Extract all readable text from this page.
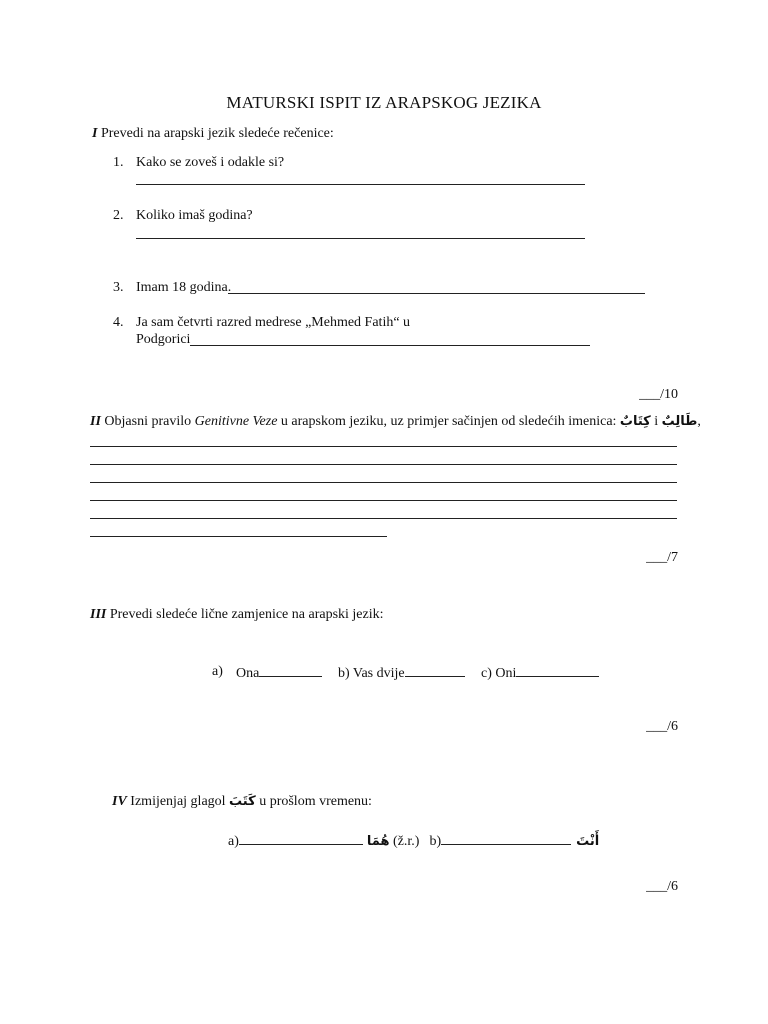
MATURSKI ISPIT IZ ARAPSKOG JEZIKA
I Prevedi na arapski jezik sledeće rečenice:
1. Kako se zoveš i odakle si?
2. Koliko imaš godina?
3. Imam 18 godina.
4. Ja sam četvrti razred medrese „Mehmed Fatih“ u
Podgorici
___/10
II Objasni pravilo Genitivne Veze u arapskom jeziku, uz primjer sačinjen od sledećih imenica: كِتَابٌ i طَالِبٌ,
___/7
III Prevedi sledeće lične zamjenice na arapski jezik:
a) Ona	b) Vas dvije	c) Oni
___/6
IV Izmijenjaj glagol كَتَبَ u prošlom vremenu:
a)	هُمَا (ž.r.) b)	أَنْتَ
___/6
